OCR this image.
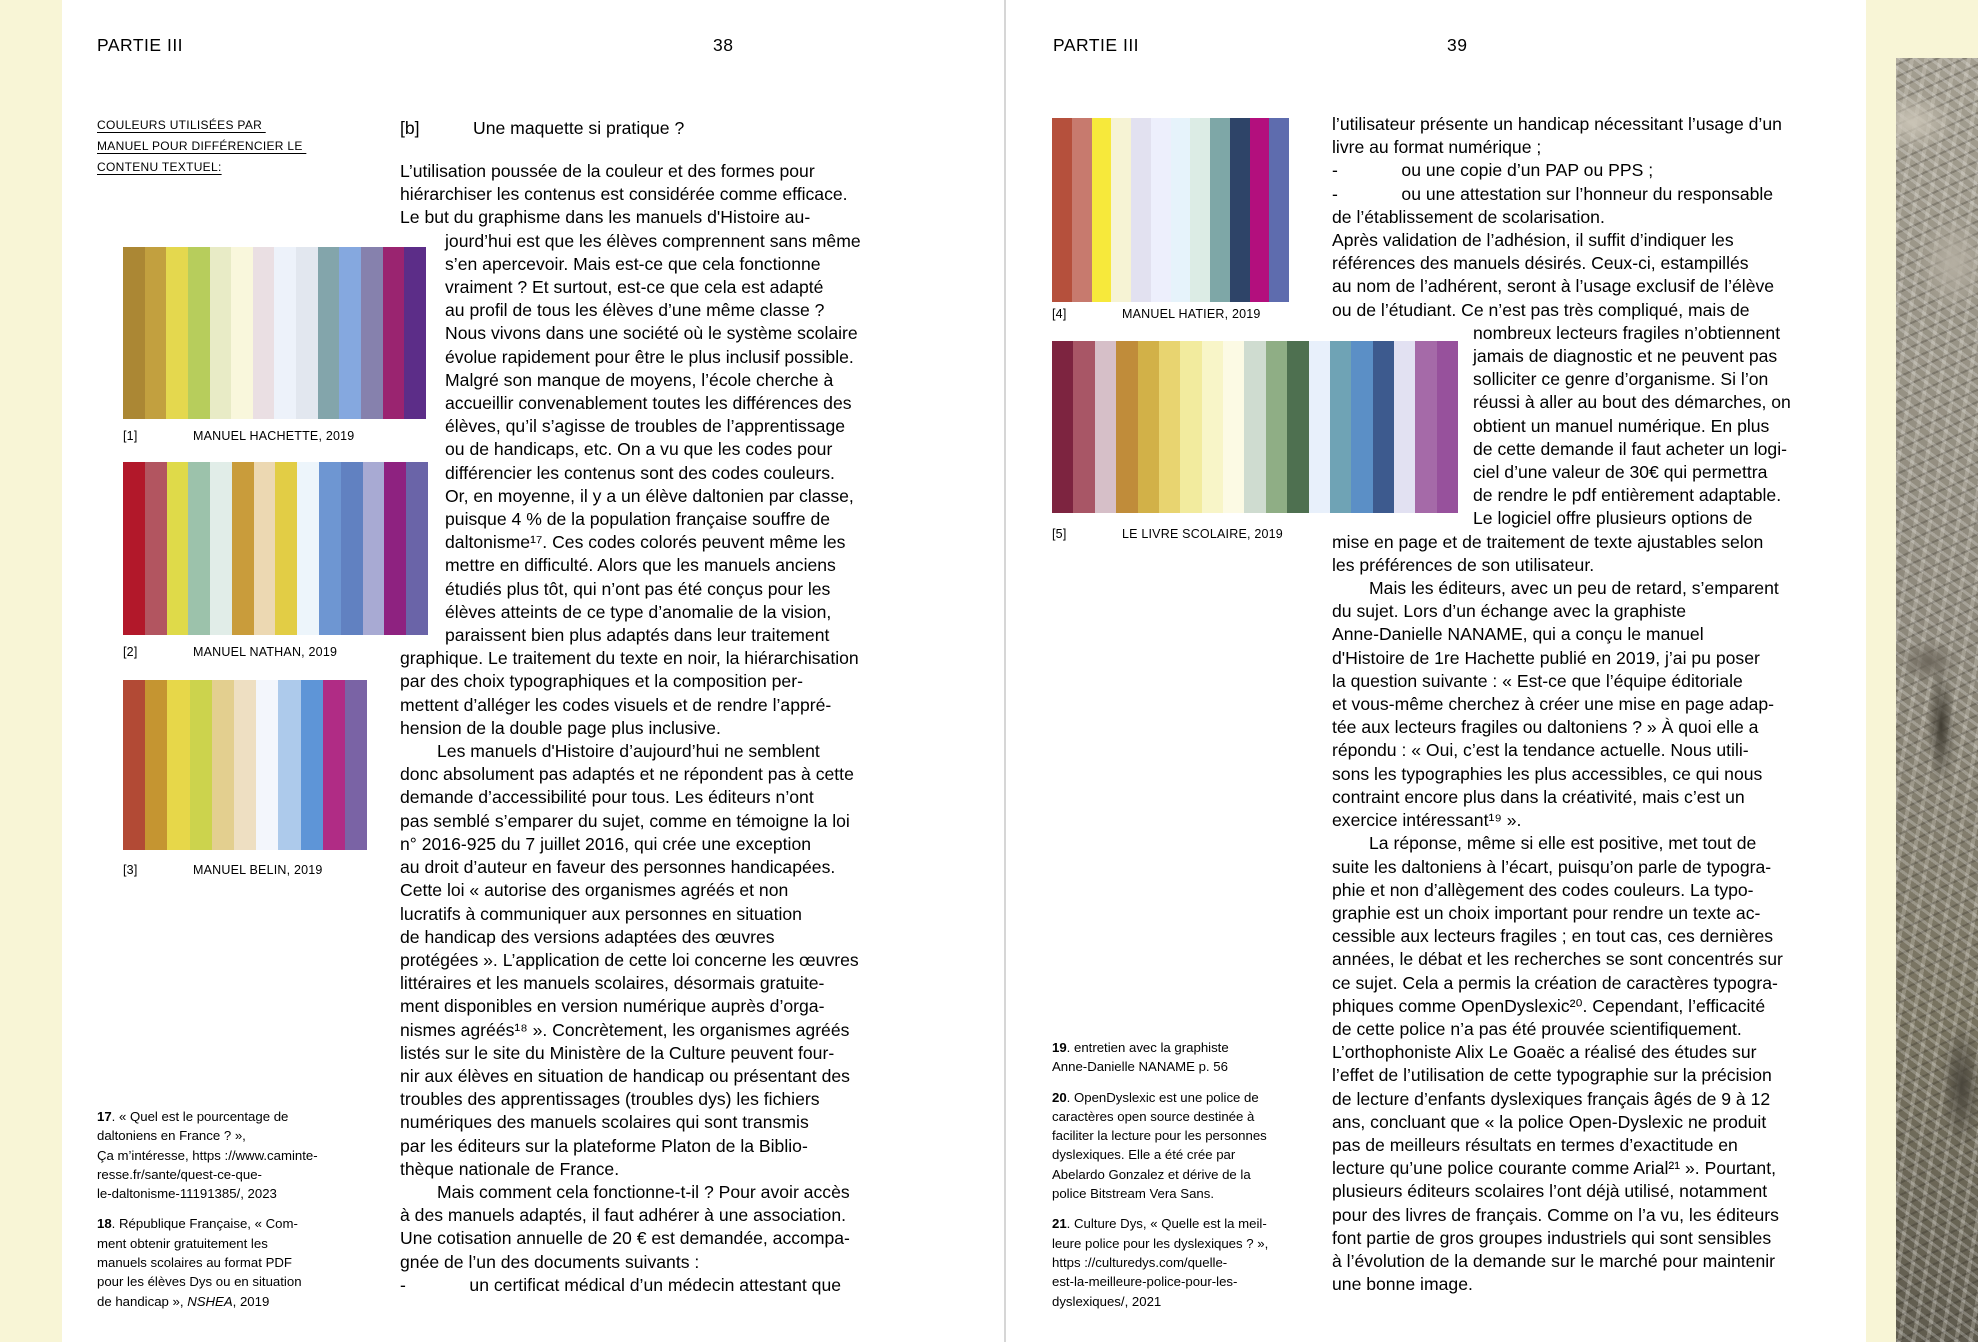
PARTIE III	38
COULEURS UTILISÉES PAR
MANUEL POUR DIFFÉRENCIER LE
CONTENU TEXTUEL:
[1]	MANUEL HACHETTE, 2019
[2]	MANUEL NATHAN, 2019
[3]	MANUEL BELIN, 2019
[b]	Une maquette si pratique ?
L’utilisation poussée de la couleur et des formes pour
hiérarchiser les contenus est considérée comme efficace.
Le but du graphisme dans les manuels d'Histoire au-
jourd’hui est que les élèves comprennent sans même
s’en apercevoir. Mais est-ce que cela fonctionne
vraiment ? Et surtout, est-ce que cela est adapté
au profil de tous les élèves d’une même classe ?
Nous vivons dans une société où le système scolaire
évolue rapidement pour être le plus inclusif possible.
Malgré son manque de moyens, l’école cherche à
accueillir convenablement toutes les différences des
élèves, qu’il s’agisse de troubles de l’apprentissage
ou de handicaps, etc. On a vu que les codes pour
différencier les contenus sont des codes couleurs.
Or, en moyenne, il y a un élève daltonien par classe,
puisque 4 % de la population française souffre de
daltonisme¹⁷. Ces codes colorés peuvent même les
mettre en difficulté. Alors que les manuels anciens
étudiés plus tôt, qui n’ont pas été conçus pour les
élèves atteints de ce type d’anomalie de la vision,
paraissent bien plus adaptés dans leur traitement
graphique. Le traitement du texte en noir, la hiérarchisation
par des choix typographiques et la composition per-
mettent d’alléger les codes visuels et de rendre l’appré-
hension de la double page plus inclusive.
Les manuels d'Histoire d’aujourd’hui ne semblent
donc absolument pas adaptés et ne répondent pas à cette
demande d’accessibilité pour tous. Les éditeurs n’ont
pas semblé s’emparer du sujet, comme en témoigne la loi
n° 2016-925 du 7 juillet 2016, qui crée une exception
au droit d’auteur en faveur des personnes handicapées.
Cette loi « autorise des organismes agréés et non
lucratifs à communiquer aux personnes en situation
de handicap des versions adaptées des œuvres
protégées ». L’application de cette loi concerne les œuvres
littéraires et les manuels scolaires, désormais gratuite-
ment disponibles en version numérique auprès d’orga-
nismes agréés¹⁸ ». Concrètement, les organismes agréés
listés sur le site du Ministère de la Culture peuvent four-
nir aux élèves en situation de handicap ou présentant des
troubles des apprentissages (troubles dys) les fichiers
numériques des manuels scolaires qui sont transmis
par les éditeurs sur la plateforme Platon de la Biblio-
thèque nationale de France.
Mais comment cela fonctionne-t-il ? Pour avoir accès
à des manuels adaptés, il faut adhérer à une association.
Une cotisation annuelle de 20 € est demandée, accompa-
gnée de l’un des documents suivants :
-             un certificat médical d’un médecin attestant que
17. « Quel est le pourcentage de
daltoniens en France ? »,
Ça m’intéresse, https ://www.caminte-
resse.fr/sante/quest-ce-que-
le-daltonisme-11191385/, 2023
18. République Française, « Com-
ment obtenir gratuitement les
manuels scolaires au format PDF
pour les élèves Dys ou en situation
de handicap », NSHEA, 2019
PARTIE III	39
[4]	MANUEL HATIER, 2019
[5]	LE LIVRE SCOLAIRE, 2019
l’utilisateur présente un handicap nécessitant l’usage d’un
livre au format numérique ;
-             ou une copie d’un PAP ou PPS ;
-             ou une attestation sur l’honneur du responsable
de l’établissement de scolarisation.
Après validation de l’adhésion, il suffit d’indiquer les
références des manuels désirés. Ceux-ci, estampillés
au nom de l’adhérent, seront à l’usage exclusif de l’élève
ou de l’étudiant. Ce n’est pas très compliqué, mais de
nombreux lecteurs fragiles n’obtiennent
jamais de diagnostic et ne peuvent pas
solliciter ce genre d’organisme. Si l’on
réussi à aller au bout des démarches, on
obtient un manuel numérique. En plus
de cette demande il faut acheter un logi-
ciel d’une valeur de 30€ qui permettra
de rendre le pdf entièrement adaptable.
Le logiciel offre plusieurs options de
mise en page et de traitement de texte ajustables selon
les préférences de son utilisateur.
Mais les éditeurs, avec un peu de retard, s’emparent
du sujet. Lors d’un échange avec la graphiste
Anne-Danielle NANAME, qui a conçu le manuel
d'Histoire de 1re Hachette publié en 2019, j’ai pu poser
la question suivante : « Est-ce que l’équipe éditoriale
et vous-même cherchez à créer une mise en page adap-
tée aux lecteurs fragiles ou daltoniens ? » À quoi elle a
répondu : « Oui, c’est la tendance actuelle. Nous utili-
sons les typographies les plus accessibles, ce qui nous
contraint encore plus dans la créativité, mais c’est un
exercice intéressant¹⁹ ».
La réponse, même si elle est positive, met tout de
suite les daltoniens à l’écart, puisqu’on parle de typogra-
phie et non d’allègement des codes couleurs. La typo-
graphie est un choix important pour rendre un texte ac-
cessible aux lecteurs fragiles ; en tout cas, ces dernières
années, le débat et les recherches se sont concentrés sur
ce sujet. Cela a permis la création de caractères typogra-
phiques comme OpenDyslexic²⁰. Cependant, l’efficacité
de cette police n’a pas été prouvée scientifiquement.
L’orthophoniste Alix Le Goaëc a réalisé des études sur
l’effet de l’utilisation de cette typographie sur la précision
de lecture d’enfants dyslexiques français âgés de 9 à 12
ans, concluant que « la police Open-Dyslexic ne produit
pas de meilleurs résultats en termes d’exactitude en
lecture qu’une police courante comme Arial²¹ ». Pourtant,
plusieurs éditeurs scolaires l’ont déjà utilisé, notamment
pour des livres de français. Comme on l’a vu, les éditeurs
font partie de gros groupes industriels qui sont sensibles
à l’évolution de la demande sur le marché pour maintenir
une bonne image.
19. entretien avec la graphiste
Anne-Danielle NANAME p. 56
20. OpenDyslexic est une police de
caractères open source destinée à
faciliter la lecture pour les personnes
dyslexiques. Elle a été crée par
Abelardo Gonzalez et dérive de la
police Bitstream Vera Sans.
21. Culture Dys, « Quelle est la meil-
leure police pour les dyslexiques ? »,
https ://culturedys.com/quelle-
est-la-meilleure-police-pour-les-
dyslexiques/, 2021
